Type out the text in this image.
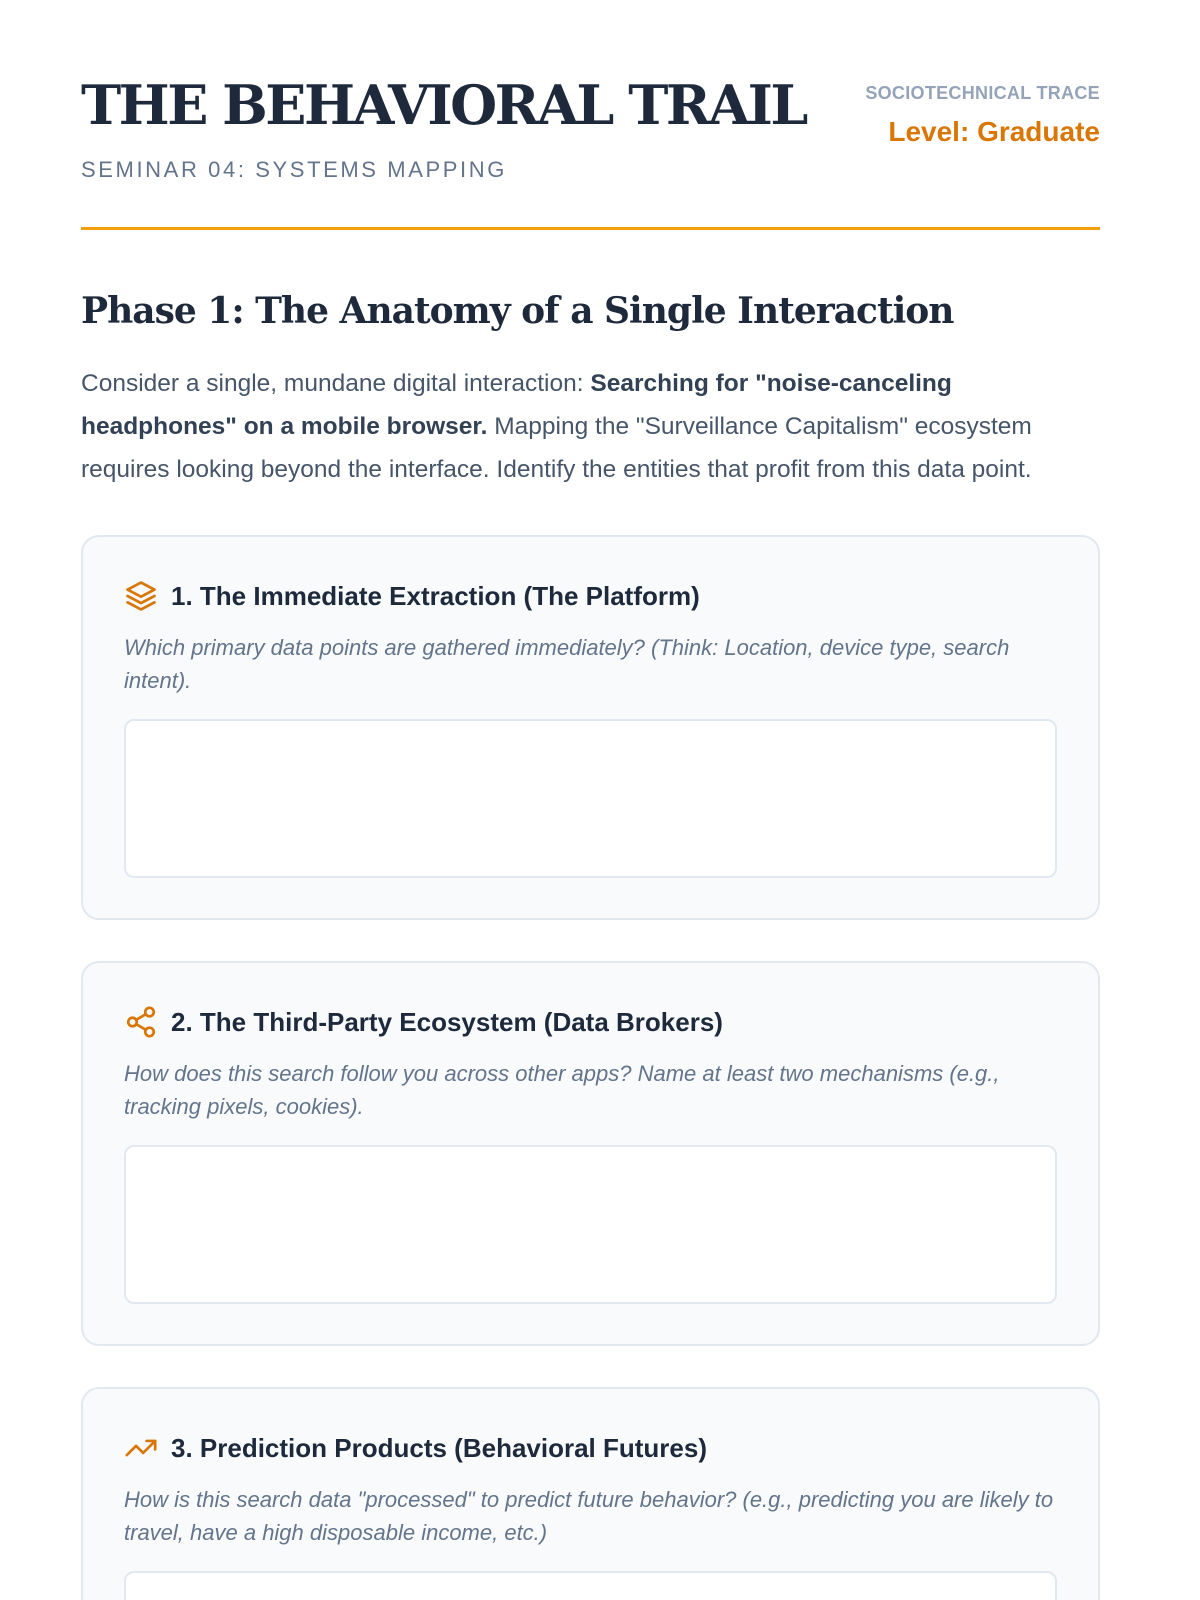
THE BEHAVIORAL TRAIL
SEMINAR 04: SYSTEMS MAPPING
SOCIOTECHNICAL TRACE
Level: Graduate
Phase 1: The Anatomy of a Single Interaction

Consider a single, mundane digital interaction: Searching for "noise-canceling headphones" on a mobile browser. Mapping the "Surveillance Capitalism" ecosystem requires looking beyond the interface. Identify the entities that profit from this data point.

1. The Immediate Extraction (The Platform)
Which primary data points are gathered immediately? (Think: Location, device type, search intent).
2. The Third-Party Ecosystem (Data Brokers)
How does this search follow you across other apps? Name at least two mechanisms (e.g., tracking pixels, cookies).
3. Prediction Products (Behavioral Futures)
How is this search data "processed" to predict future behavior? (e.g., predicting you are likely to travel, have a high disposable income, etc.)
